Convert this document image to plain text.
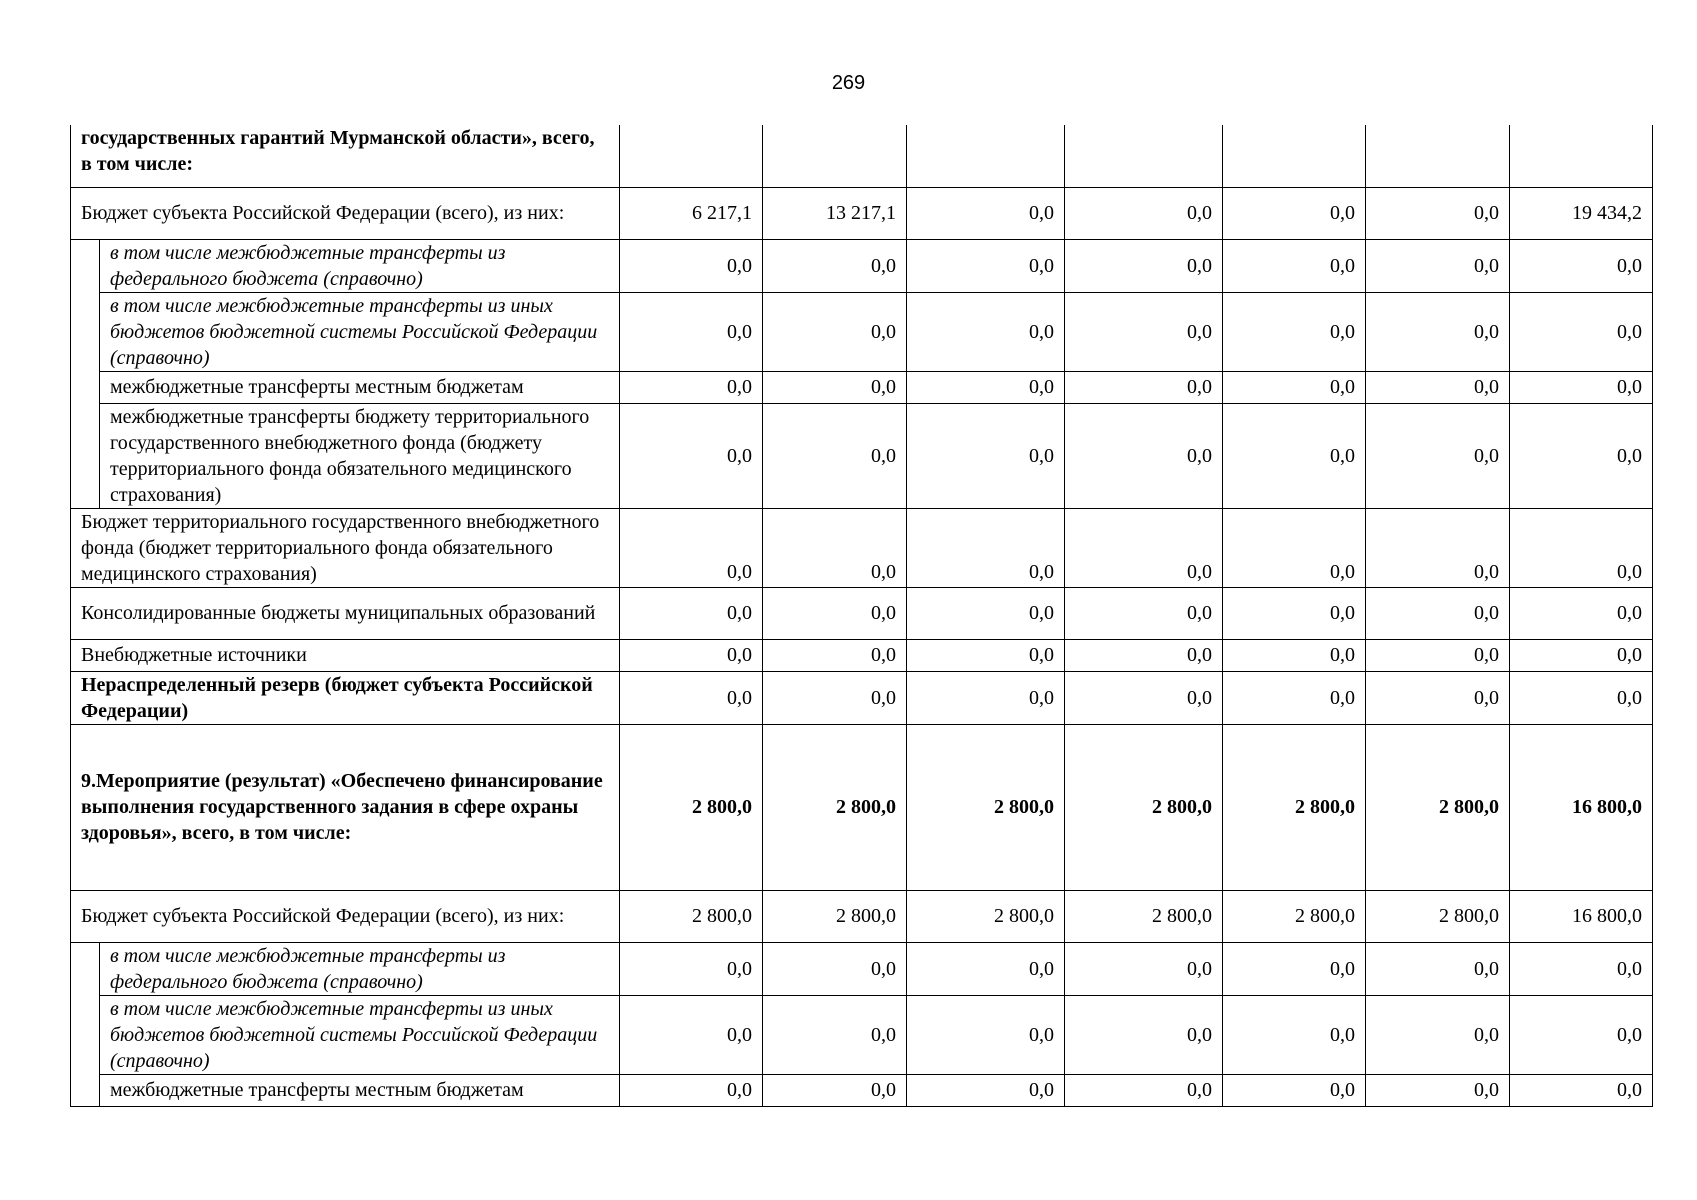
269
государственных гарантий Мурманской области», всего, в том числе:								
Бюджет субъекта Российской Федерации (всего), из них:		6 217,1	13 217,1	0,0	0,0	0,0	0,0	19 434,2
	в том числе межбюджетные трансферты из федерального бюджета (справочно)	0,0	0,0	0,0	0,0	0,0	0,0	0,0
	в том числе межбюджетные трансферты из иных бюджетов бюджетной системы Российской Федерации (справочно)	0,0	0,0	0,0	0,0	0,0	0,0	0,0
	межбюджетные трансферты местным бюджетам	0,0	0,0	0,0	0,0	0,0	0,0	0,0
	межбюджетные трансферты бюджету территориального государственного внебюджетного фонда (бюджету территориального фонда обязательного медицинского страхования)	0,0	0,0	0,0	0,0	0,0	0,0	0,0
Бюджет территориального государственного внебюджетного фонда (бюджет территориального фонда обязательного медицинского страхования)		0,0	0,0	0,0	0,0	0,0	0,0	0,0
Консолидированные бюджеты муниципальных образований		0,0	0,0	0,0	0,0	0,0	0,0	0,0
Внебюджетные источники		0,0	0,0	0,0	0,0	0,0	0,0	0,0
Нераспределенный резерв (бюджет субъекта Российской Федерации)		0,0	0,0	0,0	0,0	0,0	0,0	0,0
9.Мероприятие (результат) «Обеспечено финансирование выполнения государственного задания в сфере охраны здоровья», всего, в том числе:		2 800,0	2 800,0	2 800,0	2 800,0	2 800,0	2 800,0	16 800,0
Бюджет субъекта Российской Федерации (всего), из них:		2 800,0	2 800,0	2 800,0	2 800,0	2 800,0	2 800,0	16 800,0
	в том числе межбюджетные трансферты из федерального бюджета (справочно)	0,0	0,0	0,0	0,0	0,0	0,0	0,0
	в том числе межбюджетные трансферты из иных бюджетов бюджетной системы Российской Федерации (справочно)	0,0	0,0	0,0	0,0	0,0	0,0	0,0
	межбюджетные трансферты местным бюджетам	0,0	0,0	0,0	0,0	0,0	0,0	0,0
